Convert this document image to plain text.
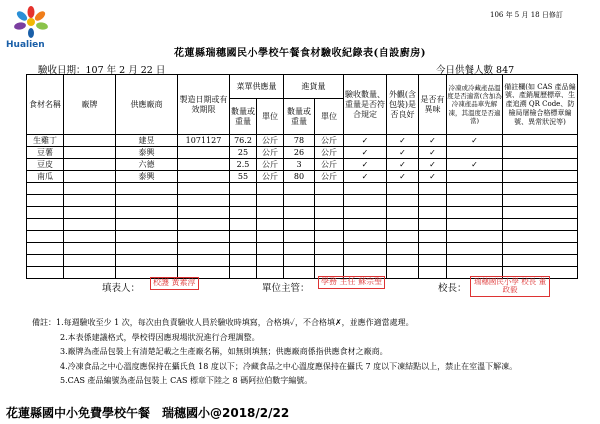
Hualien
106 年 5 月 18 日修訂
花蓮縣瑞穗國民小學校午餐食材驗收紀錄表(自設廚房)
驗收日期：107 年 2 月 22 日	今日供餐人數 847
食材名稱	廠牌	供應廠商	製造日期或有效期限	菜單供應量		進貨量		驗收數量、重量是否符合規定	外觀(含包裝)是否良好	是否有異味	冷凍或冷藏產品溫度是否適當(含加為冷凍產品車先解凍，其溫度是否適當)	備註欄(如 CAS 產品編號、產銷履歷標章、生產追溯 QR Code、防檢局屠檢合格標章編號、異常狀況等)
				數量或重量	單位	數量或重量	單位					
生雞丁		建昱	1071127	76.2	公斤	78	公斤	✓	✓	✓	✓	
豆薯		泰興		25	公斤	26	公斤	✓	✓	✓		
豆皮		六德		2.5	公斤	3	公斤	✓	✓	✓	✓	
南瓜		泰興		55	公斤	80	公斤	✓	✓	✓		

填表人：
校護 黃素淳
單位主管：
學務 主任 蘇宗聖
校長：
瑞穗國民小學 校長 董政毅
備註：1.每週驗收至少 1 次，每次由負責驗收人員於驗收時填寫，合格填✓，不合格填✗，並應作適當處理。
2.本表係建議格式，學校得因應現場狀況進行合理調整。
3.廠牌為產品包裝上有清楚記載之生產廠名稱，如無則填無；供應廠商係指供應食材之廠商。
4.冷凍食品之中心溫度應保持在攝氏負 18 度以下；冷藏食品之中心溫度應保持在攝氏 7 度以下凍結點以上，禁止在室溫下解凍。
5.CAS 產品編號為產品包裝上 CAS 標章下陸之 8 碼阿拉伯數字編號。
花蓮縣國中小免費學校午餐　瑞穗國小@2018/2/22
